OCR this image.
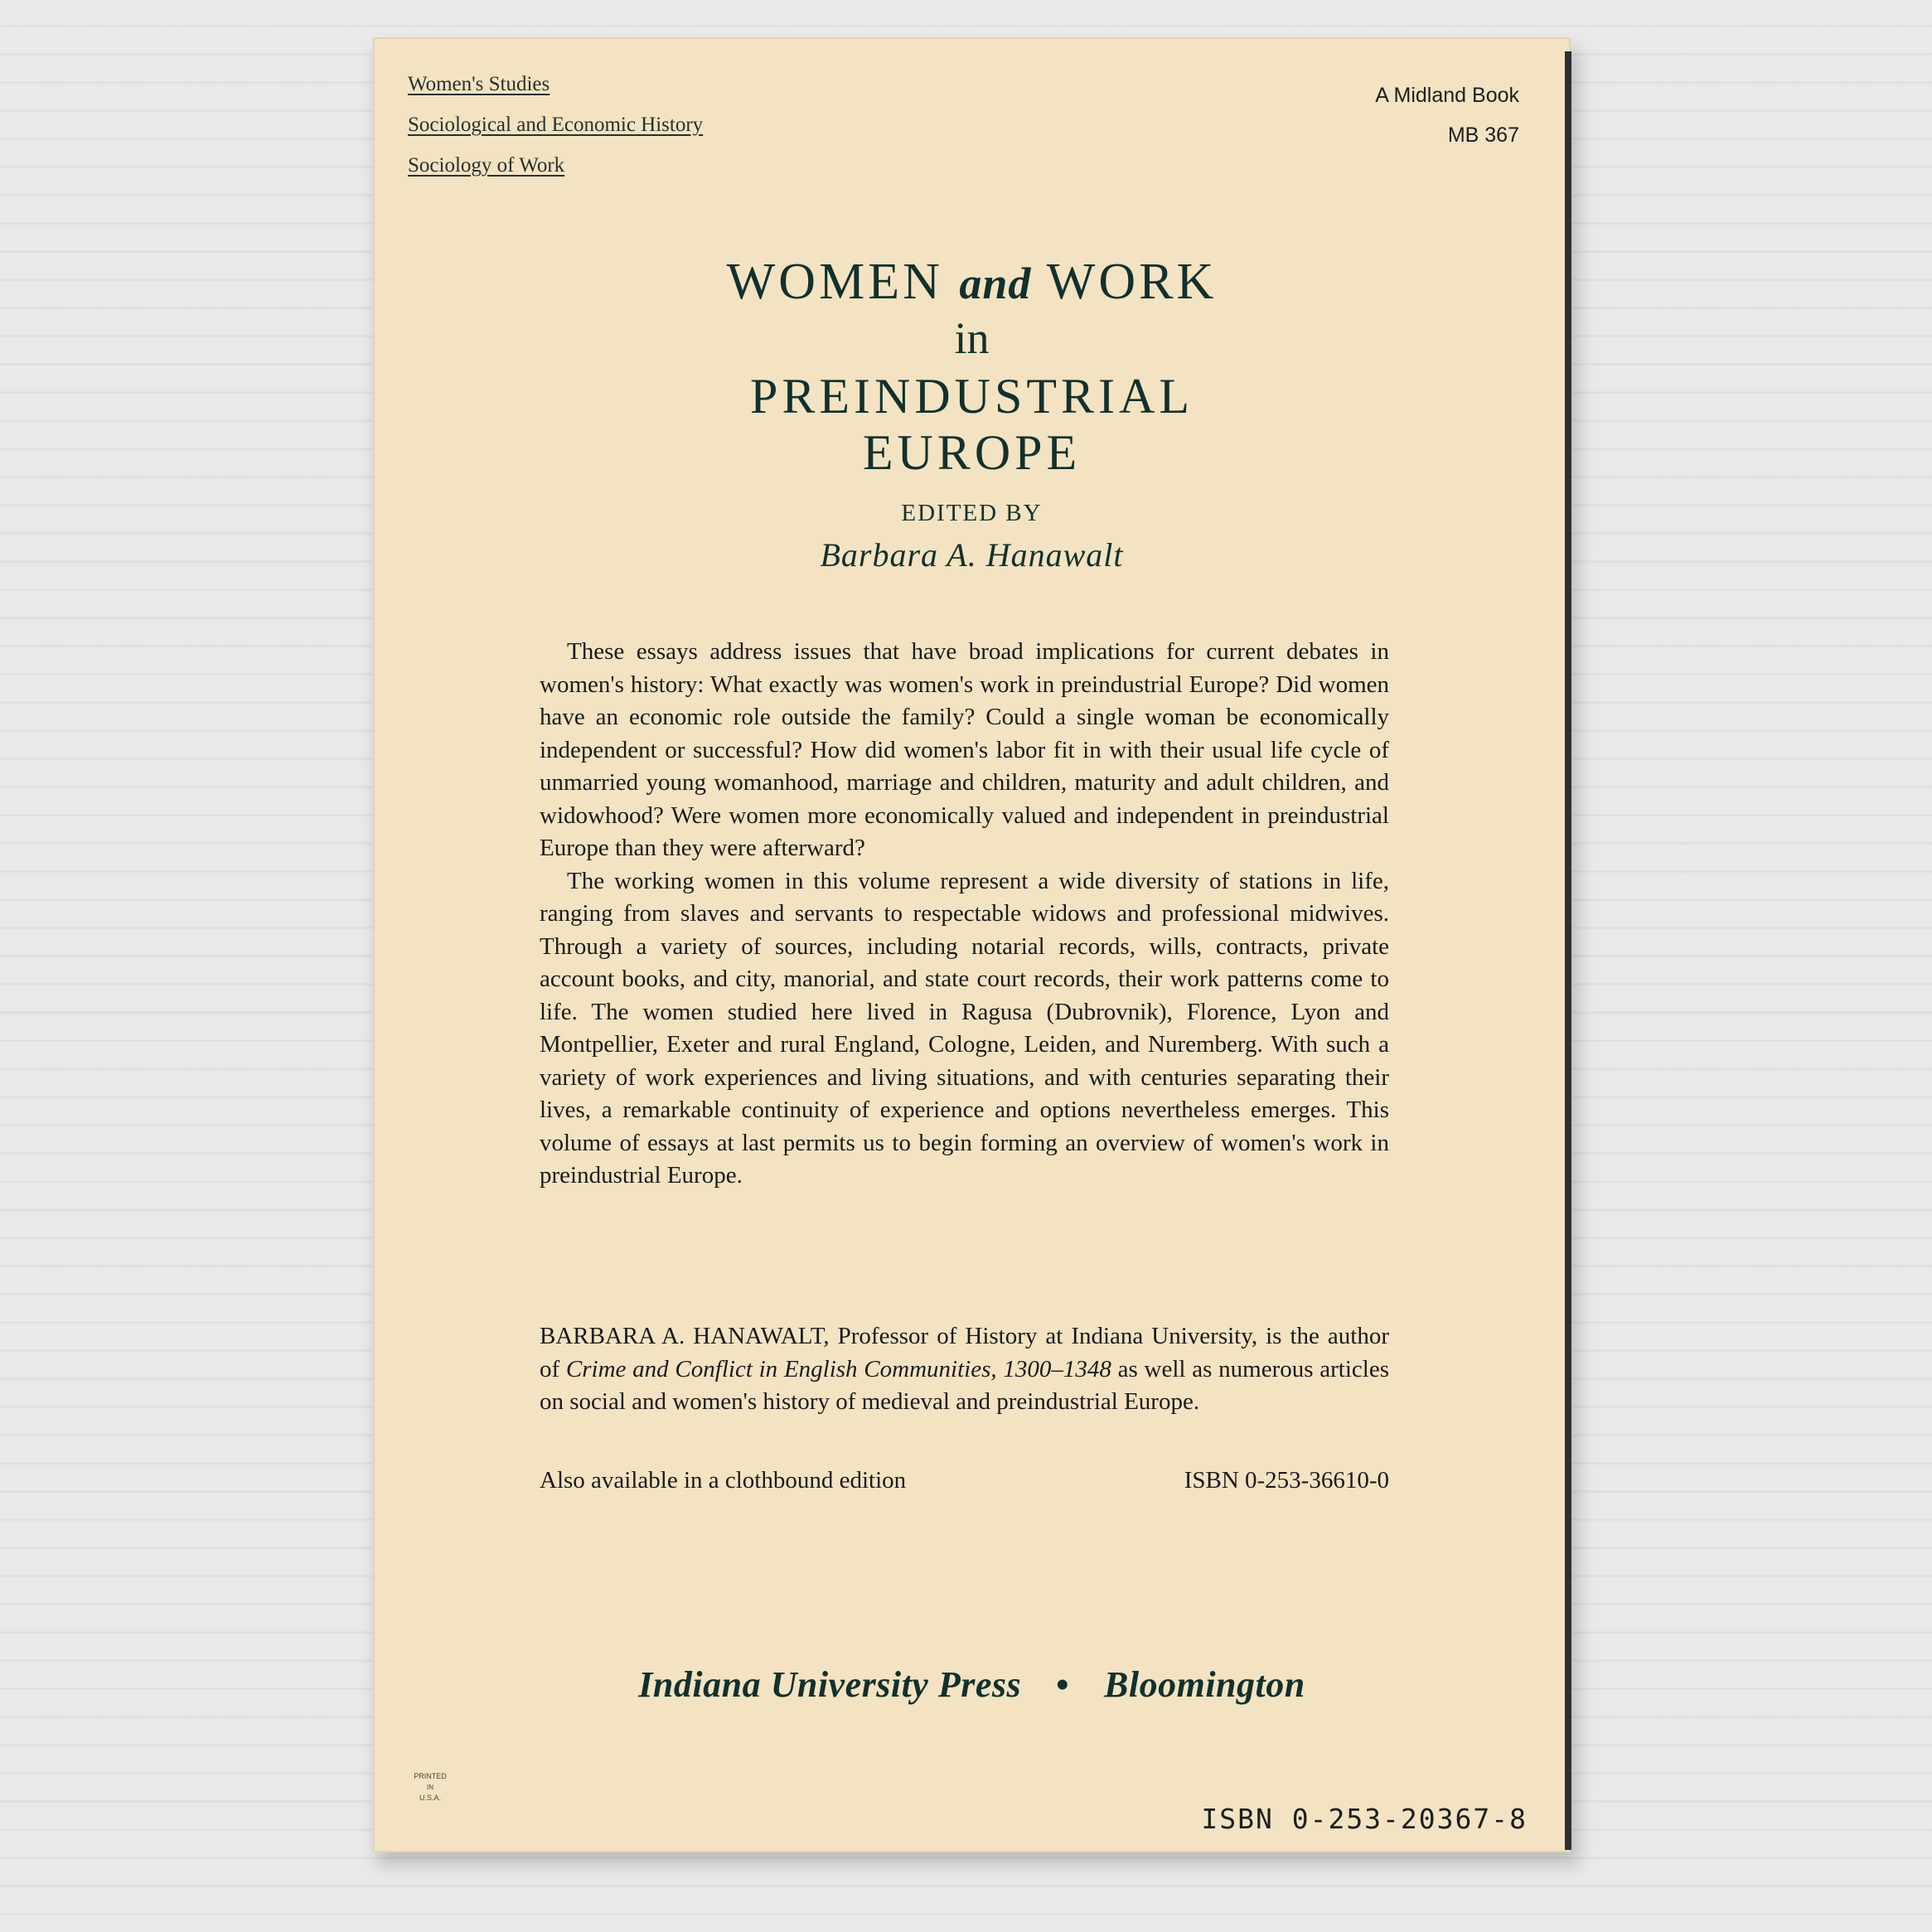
Women's Studies
Sociological and Economic History
Sociology of Work
A Midland Book
MB 367
WOMEN and WORK
in
PREINDUSTRIAL
EUROPE
EDITED BY
Barbara A. Hanawalt

These essays address issues that have broad implications for current debates in women's history: What exactly was women's work in preindustrial Europe? Did women have an economic role outside the family? Could a single woman be economically independent or successful? How did women's labor fit in with their usual life cycle of unmarried young womanhood, marriage and children, maturity and adult children, and widowhood? Were women more economically valued and independent in preindustrial Europe than they were afterward?

The working women in this volume represent a wide diversity of stations in life, ranging from slaves and servants to respectable widows and professional midwives. Through a variety of sources, including notarial records, wills, contracts, private account books, and city, manorial, and state court records, their work patterns come to life. The women studied here lived in Ragusa (Dubrovnik), Florence, Lyon and Montpellier, Exeter and rural England, Cologne, Leiden, and Nuremberg. With such a variety of work experiences and living situations, and with centuries separating their lives, a remarkable continuity of experience and options nevertheless emerges. This volume of essays at last permits us to begin forming an overview of women's work in preindustrial Europe.

BARBARA A. HANAWALT, Professor of History at Indiana University, is the author of Crime and Conflict in English Communities, 1300–1348 as well as numerous articles on social and women's history of medieval and preindustrial Europe.

Also available in a clothbound edition	ISBN 0-253-36610-0
Indiana University Press • Bloomington
PRINTED
IN
U.S.A.
ISBN 0-253-20367-8
